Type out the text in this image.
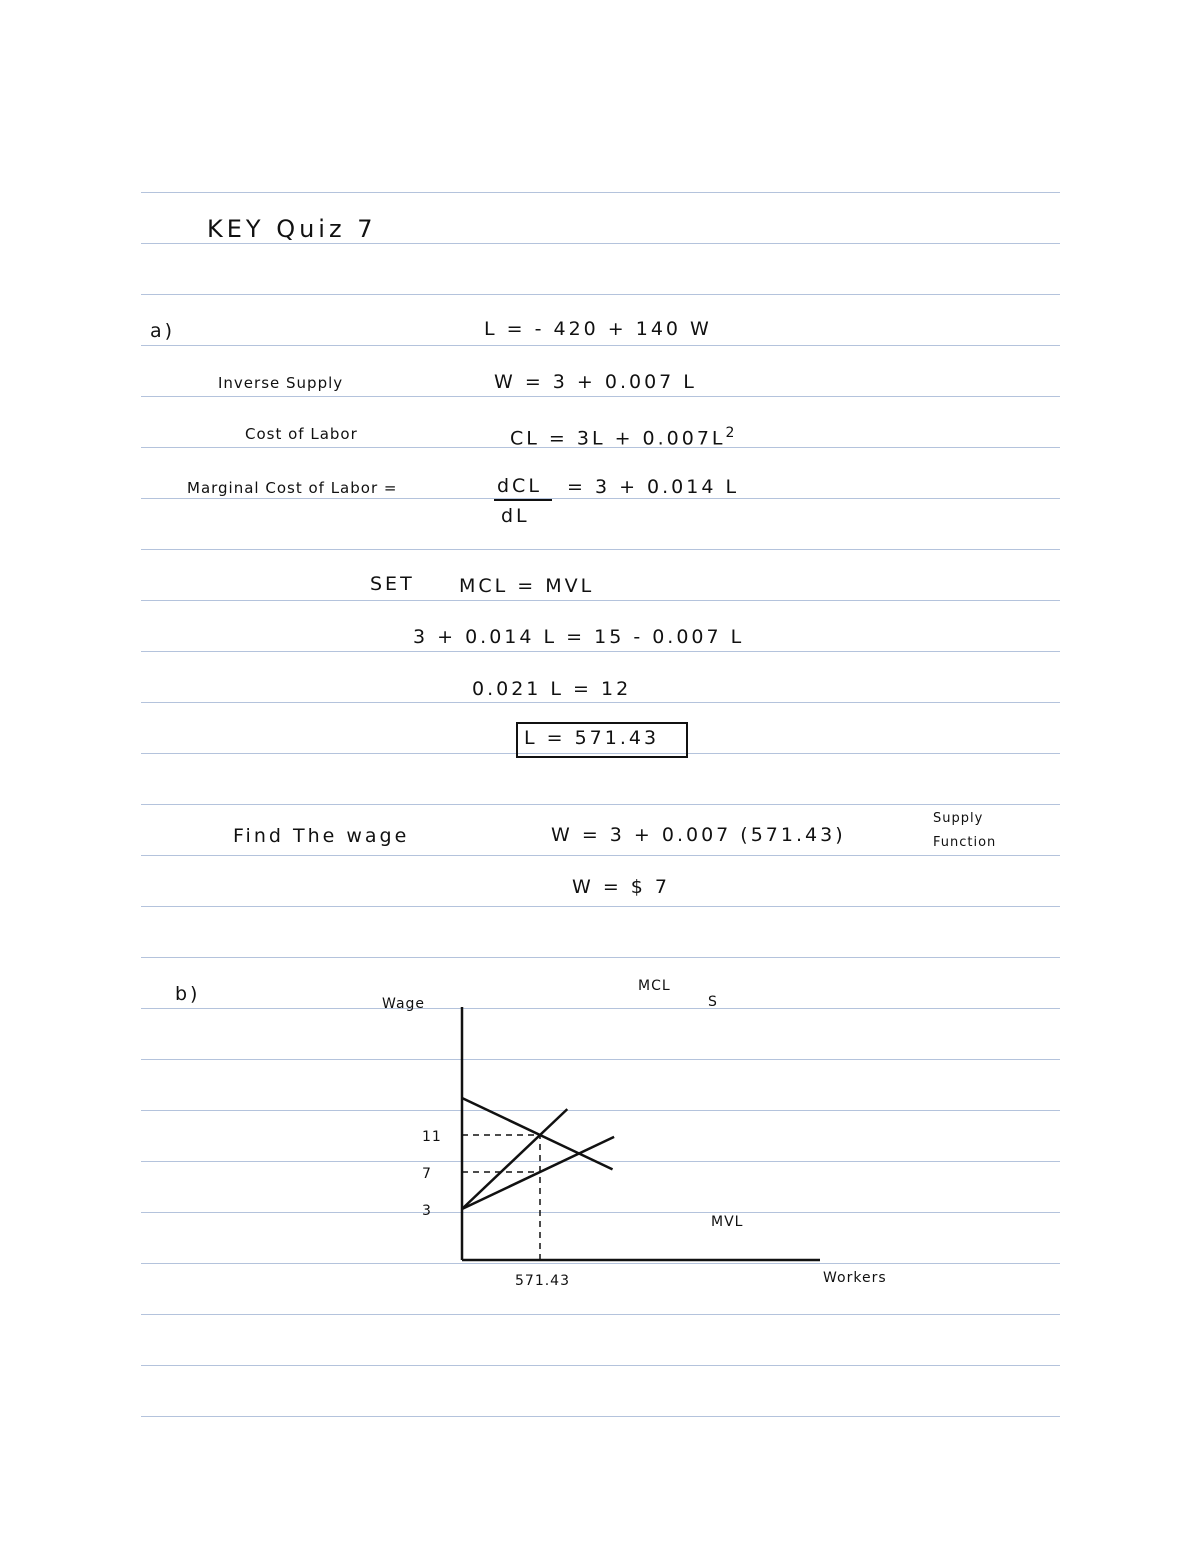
KEY Quiz 7
a)	L = - 420 + 140 W
Inverse Supply	W = 3 + 0.007 L
Cost of Labor	CL = $3L + 0.007L^2$
Marginal Cost of Labor =	dCL
dL
= 3 + 0.014 L
SET MCL = MVL
3 + 0.014 L = 15 - 0.007 L
0.021 L = 12
L = 571.43
Find The wage	W = 3 + 0.007 (571.43)
Supply
Function
W = $ 7
b)	Wage
Workers
3
7
11
571.43
MCL
S
MVL
